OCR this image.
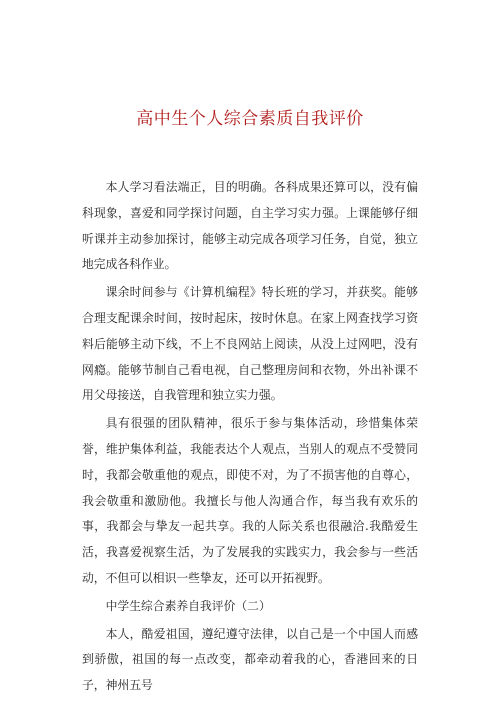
高中生个人综合素质自我评价

本人学习看法端正，目的明确。各科成果还算可以，没有偏科现象，喜爱和同学探讨问题，自主学习实力强。上课能够仔细听课并主动参加探讨，能够主动完成各项学习任务，自觉，独立地完成各科作业。

课余时间参与《计算机编程》特长班的学习，并获奖。能够合理支配课余时间，按时起床，按时休息。在家上网查找学习资料后能够主动下线，不上不良网站上阅读，从没上过网吧，没有网瘾。能够节制自己看电视，自己整理房间和衣物，外出补课不用父母接送，自我管理和独立实力强。

具有很强的团队精神，很乐于参与集体活动，珍惜集体荣誉，维护集体利益，我能表达个人观点，当别人的观点不受赞同时，我都会敬重他的观点，即使不对，为了不损害他的自尊心，我会敬重和激励他。我擅长与他人沟通合作，每当我有欢乐的事，我都会与挚友一起共享。我的人际关系也很融洽.我酷爱生活，我喜爱视察生活，为了发展我的实践实力，我会参与一些活动，不但可以相识一些挚友，还可以开拓视野。

中学生综合素养自我评价（二）

本人，酷爱祖国，遵纪遵守法律，以自己是一个中国人而感到骄傲，祖国的每一点改变，都牵动着我的心，香港回来的日子，神州五号
